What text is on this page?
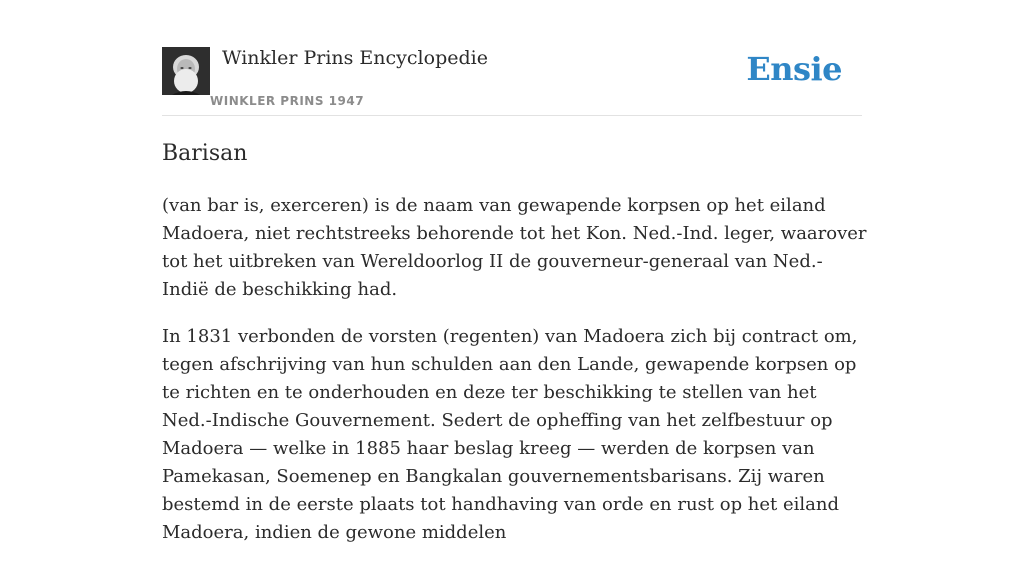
Winkler Prins Encyclopedie
WINKLER PRINS 1947
Ensie
Barisan

(van bar is, exerceren) is de naam van gewapende korpsen op het eiland Madoera, niet rechtstreeks behorende tot het Kon. Ned.-Ind. leger, waarover tot het uitbreken van Wereldoorlog II de gouverneur-generaal van Ned.-Indië de beschikking had.

In 1831 verbonden de vorsten (regenten) van Madoera zich bij contract om, tegen afschrijving van hun schulden aan den Lande, gewapende korpsen op te richten en te onderhouden en deze ter beschikking te stellen van het Ned.-Indische Gouvernement. Sedert de opheffing van het zelfbestuur op Madoera — welke in 1885 haar beslag kreeg — werden de korpsen van Pamekasan, Soemenep en Bangkalan gouvernementsbarisans. Zij waren bestemd in de eerste plaats tot handhaving van orde en rust op het eiland Madoera, indien de gewone middelen
